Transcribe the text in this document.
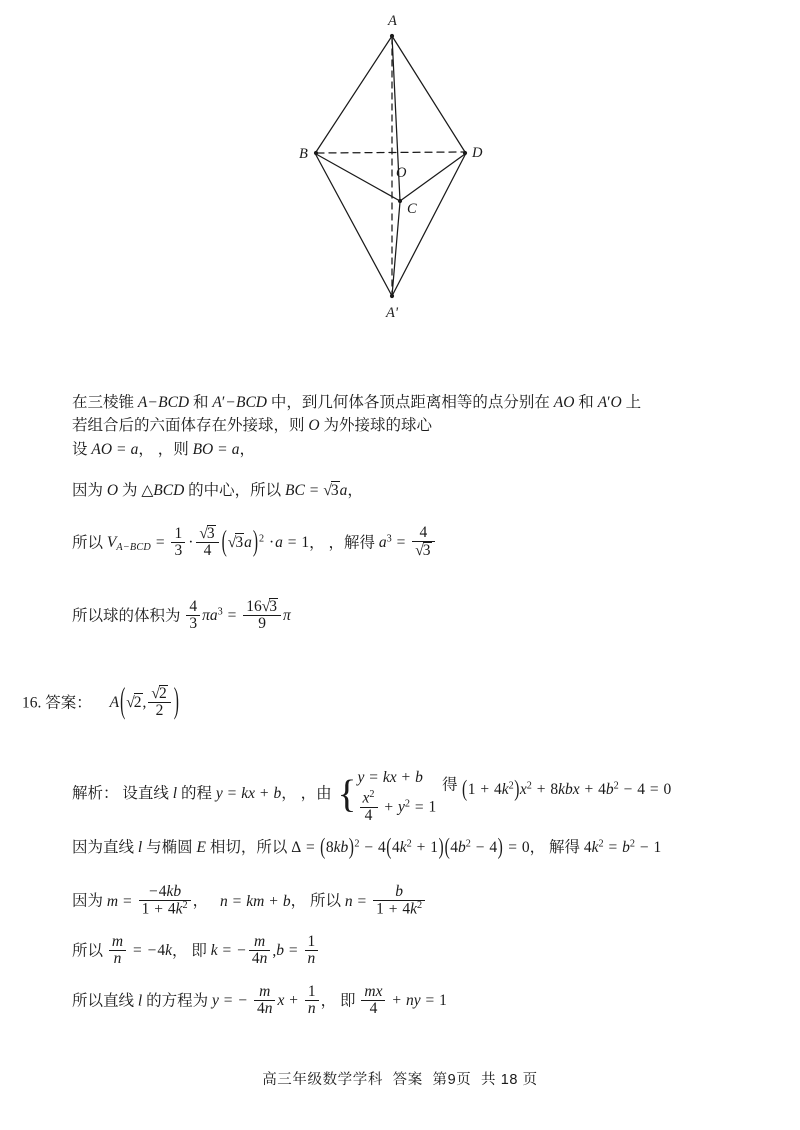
A
B	D
O
C
A'
在三棱锥 A−BCD 和 A′−BCD 中，到几何体各顶点距离相等的点分别在 AO 和 A′O 上
若组合后的六面体存在外接球，则 O 为外接球的球心
设 AO = a， ，则 BO = a，
因为 O 为 △BCD 的中心，所以 BC = √3a，
所以 $V_{A-BCD} = \frac{1}{3} \cdot \frac{√3}{4} (√3a)^2 \cdot a = 1$， ，解得 $a^3 = \frac{4}{√3}$
所以球的体积为 $\frac{4}{3} \pi a^3 = \frac{16√3}{9}$ π
16. 答案： A(√2, $\frac{√2}{2}$ )
解析： 设直线 l 的程 y = kx + b， ，由 { y = kx + b
$\frac{x^2}{4} + y^2 = 1$
得 $(1 + 4k^2)x^2 + 8kbx + 4b^2 - 4 = 0$
因为直线 l 与椭圆 E 相切，所以 $\Delta = (8kb)^2 - 4(4k^2 + 1)(4b^2 - 4) = 0$， 解得 $4k^2 = b^2 - 1$
因为 $m = \frac{-4kb}{1 + 4k^2}$ ， n = km + b， 所以 $n = \frac{b}{1 + 4k^2}$
所以 $\frac{m}{n} = -4k$， 即 k = − $\frac{m}{4n} ,b = \frac{1}{n}$
所以直线 l 的方程为 y = − $\frac{m}{4n}$ $x + \frac{1}{n}$ ， 即 $\frac{mx}{4}$ + ny = 1
高三年级数学学科 答案 第9页 共 18 页
